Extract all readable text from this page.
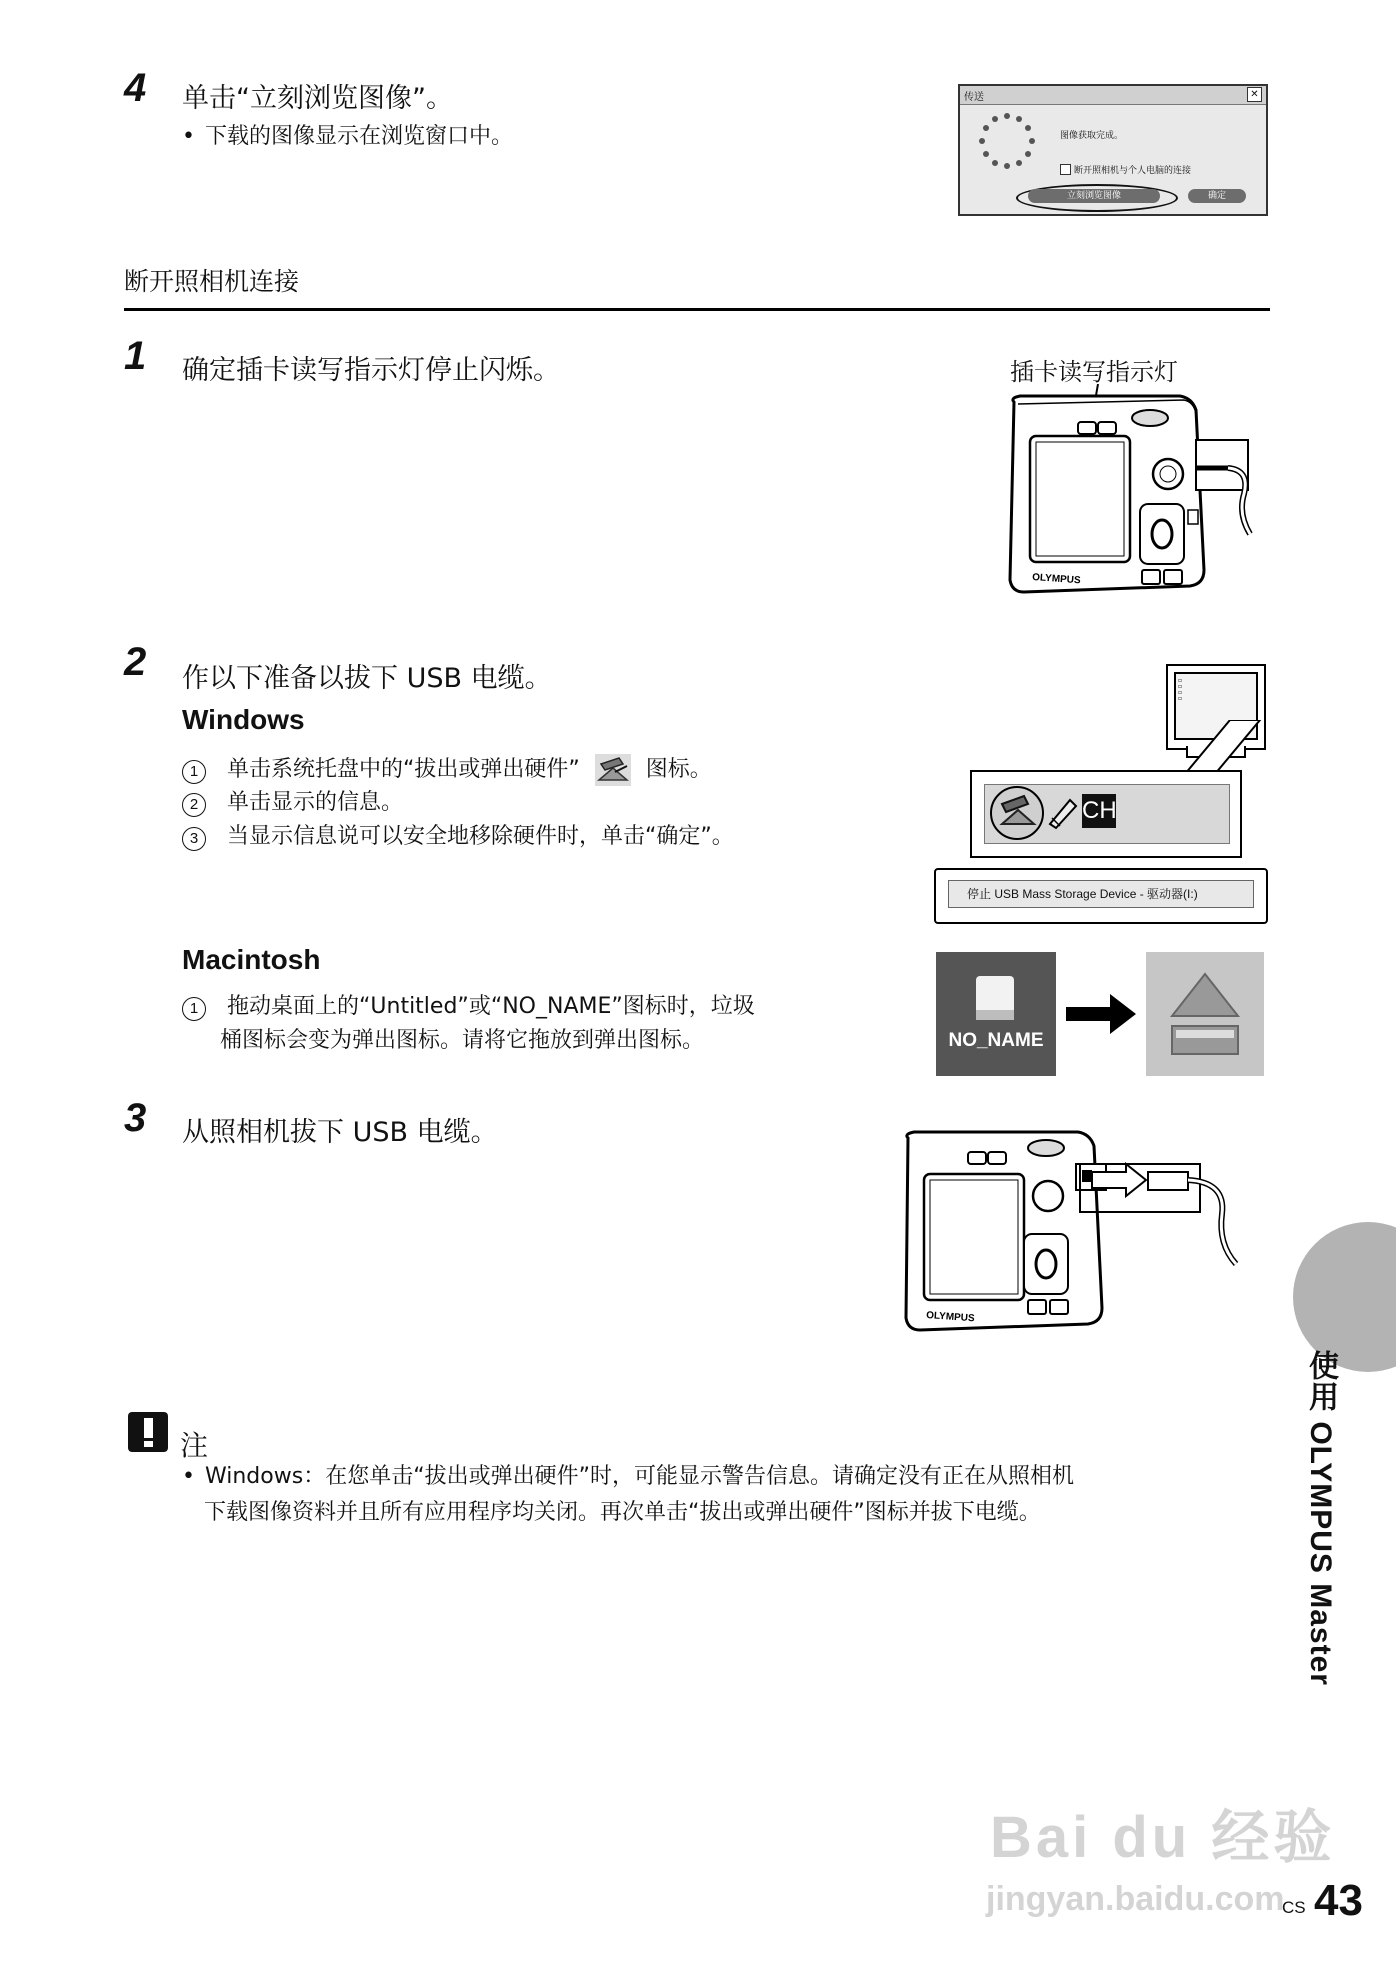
4 单击“立刻浏览图像”。
• 下载的图像显示在浏览窗口中。
传送	✕
图像获取完成。
断开照相机与个人电脑的连接
立刻浏览图像	确定
断开照相机连接
1 确定插卡读写指示灯停止闪烁。	插卡读写指示灯
OLYMPUS
2 作以下准备以拔下 USB 电缆。
Windows
1 单击系统托盘中的“拔出或弹出硬件”	图标。
2 单击显示的信息。
3 当显示信息说可以安全地移除硬件时，单击“确定”。
▫
▫
▫
▫
CH
停止 USB Mass Storage Device - 驱动器(I:)
Macintosh
1 拖动桌面上的“Untitled”或“NO_NAME”图标时，垃圾
桶图标会变为弹出图标。请将它拖放到弹出图标。	NO_NAME
3 从照相机拔下 USB 电缆。
OLYMPUS
注
• Windows：在您单击“拔出或弹出硬件”时，可能显示警告信息。请确定没有正在从照相机
下载图像资料并且所有应用程序均关闭。再次单击“拔出或弹出硬件”图标并拔下电缆。	使用 OLYMPUS Master
Bai du 经验
jingyan.baidu.com
CS 43
